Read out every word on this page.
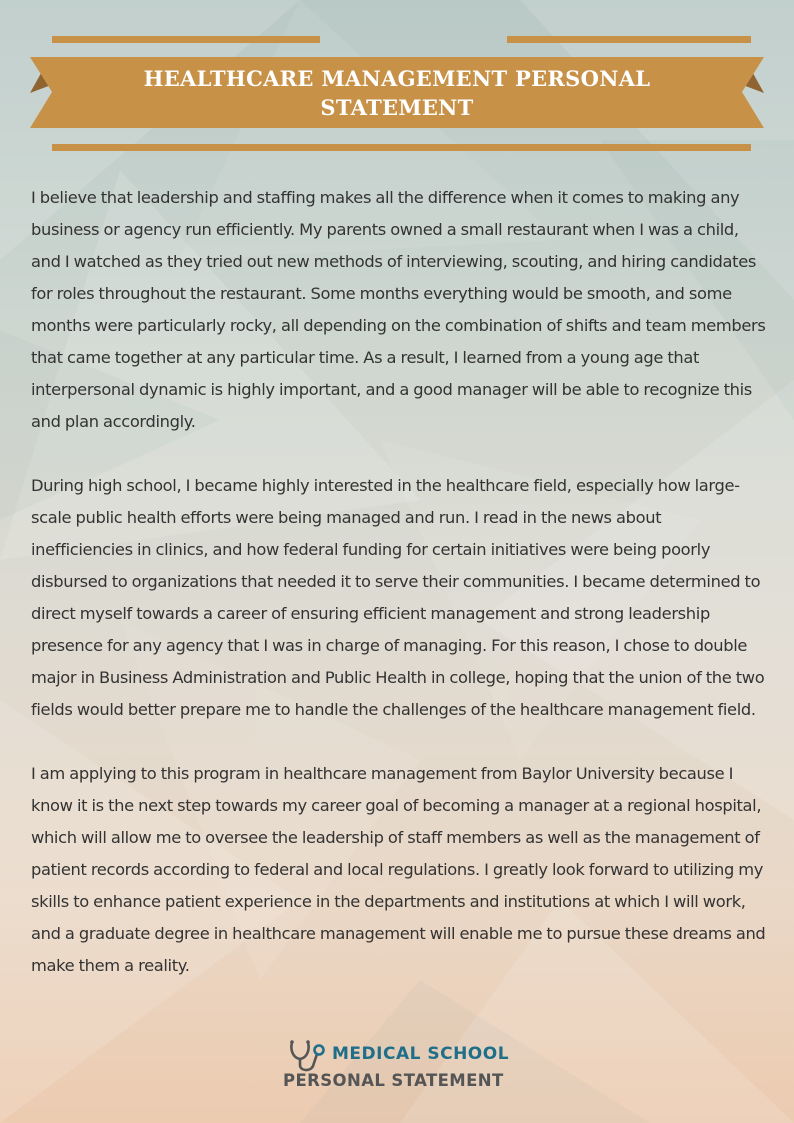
HEALTHCARE MANAGEMENT PERSONAL STATEMENT

I believe that leadership and staffing makes all the difference when it comes to making any business or agency run efficiently. My parents owned a small restaurant when I was a child, and I watched as they tried out new methods of interviewing, scouting, and hiring candidates for roles throughout the restaurant. Some months everything would be smooth, and some months were particularly rocky, all depending on the combination of shifts and team members that came together at any particular time. As a result, I learned from a young age that interpersonal dynamic is highly important, and a good manager will be able to recognize this and plan accordingly.

During high school, I became highly interested in the healthcare field, especially how large-scale public health efforts were being managed and run. I read in the news about inefficiencies in clinics, and how federal funding for certain initiatives were being poorly disbursed to organizations that needed it to serve their communities. I became determined to direct myself towards a career of ensuring efficient management and strong leadership presence for any agency that I was in charge of managing. For this reason, I chose to double major in Business Administration and Public Health in college, hoping that the union of the two fields would better prepare me to handle the challenges of the healthcare management field.

I am applying to this program in healthcare management from Baylor University because I know it is the next step towards my career goal of becoming a manager at a regional hospital, which will allow me to oversee the leadership of staff members as well as the management of patient records according to federal and local regulations. I greatly look forward to utilizing my skills to enhance patient experience in the departments and institutions at which I will work, and a graduate degree in healthcare management will enable me to pursue these dreams and make them a reality.

MEDICAL SCHOOL
PERSONAL STATEMENT
